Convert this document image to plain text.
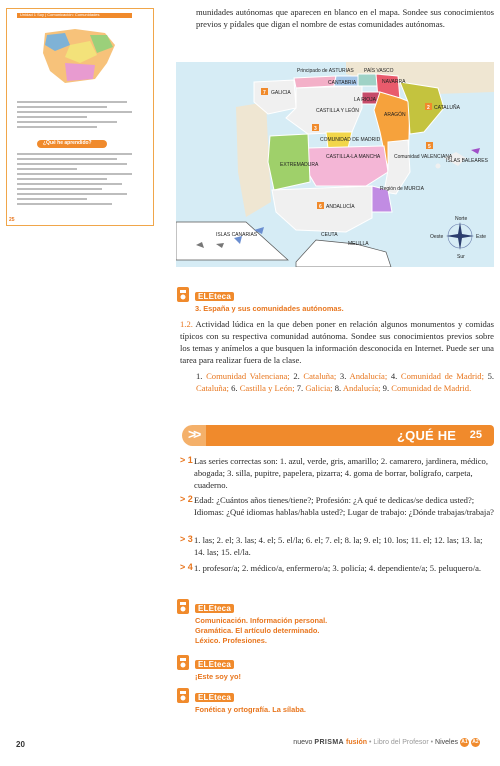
Unidad 1 Soy | Comunicación: Comunidades
¿Qué he aprendido?
25

munidades autónomas que aparecen en blanco en el mapa. Sondee sus conocimientos previos y pídales que digan el nombre de estas comunidades autónomas.

7
2
3
5
6
Principado de ASTURIAS
CANTABRIA
PAÍS VASCO
NAVARRA
GALICIA
LA RIOJA
CASTILLA Y LEÓN
ARAGÓN
CATALUÑA
COMUNIDAD DE MADRID
CASTILLA-LA MANCHA	Comunidad VALENCIANA
EXTREMADURA
ISLAS BALEARES
Región de MURCIA
ANDALUCÍA
ISLAS CANARIAS	CEUTA
MELILLA
Norte
Oeste	Este
Sur
ELEteca
3. España y sus comunidades autónomas.
1.2. Actividad lúdica en la que deben poner en relación algunos monumentos y comidas típicos con su respectiva comunidad autónoma. Sondee sus conocimientos previos sobre los temas y anímelos a que busquen la información desconocida en Internet. Puede ser una tarea para realizar fuera de la clase.
1. Comunidad Valenciana; 2. Cataluña; 3. Andalucía; 4. Comunidad de Madrid; 5. Cataluña; 6. Castilla y León; 7. Galicia; 8. Andalucía; 9. Comunidad de Madrid.
>>	¿QUÉ HE APRENDIDO?
25
> 1 Las series correctas son: 1. azul, verde, gris, amarillo; 2. camarero, jardinera, médico, abogada; 3. silla, pupitre, papelera, pizarra; 4. goma de borrar, bolígrafo, carpeta, cuaderno.
> 2 Edad: ¿Cuántos años tienes/tiene?; Profesión: ¿A qué te dedicas/se dedica usted?; Idiomas: ¿Qué idiomas hablas/habla usted?; Lugar de trabajo: ¿Dónde trabajas/trabaja?
> 3 1. las; 2. el; 3. las; 4. el; 5. el/la; 6. el; 7. el; 8. la; 9. el; 10. los; 11. el; 12. las; 13. la; 14. las; 15. el/la.
> 4 1. profesor/a; 2. médico/a, enfermero/a; 3. policía; 4. dependiente/a; 5. peluquero/a.
ELEteca
Comunicación. Información personal.
Gramática. El artículo determinado.
Léxico. Profesiones.
ELEteca
¡Este soy yo!
ELEteca
Fonética y ortografía. La sílaba.
20	nuevo PRISMA fusión • Libro del Profesor • Niveles A1 A2
